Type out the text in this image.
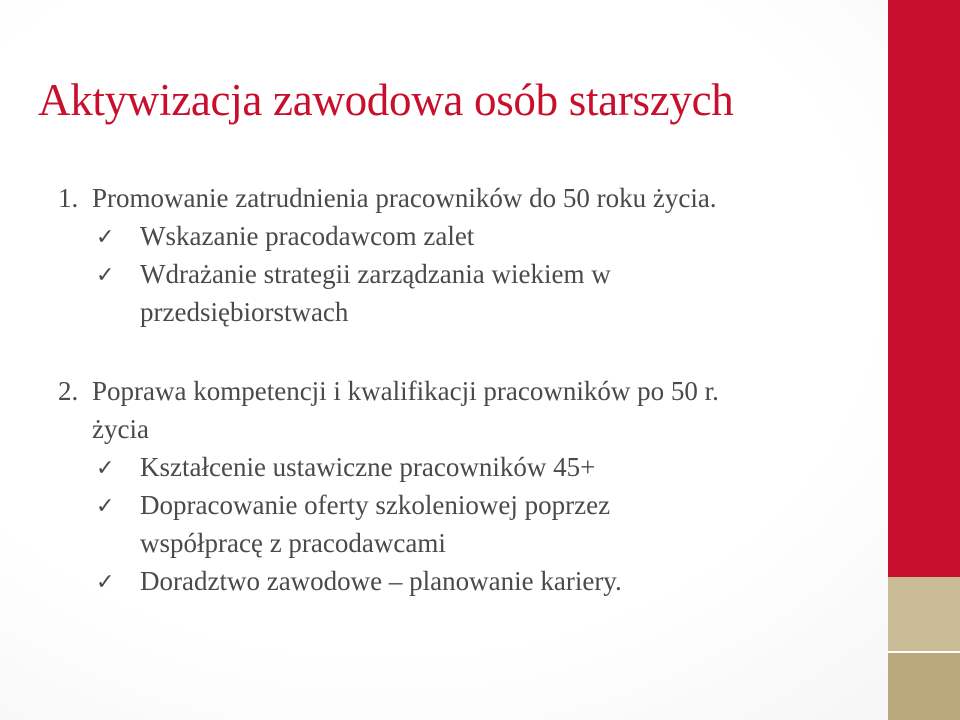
Aktywizacja zawodowa osób starszych
1. Promowanie zatrudnienia pracowników do 50 roku życia.
✓ Wskazanie pracodawcom zalet
✓ Wdrażanie strategii zarządzania wiekiem w
przedsiębiorstwach
2. Poprawa kompetencji i kwalifikacji pracowników po 50 r.
życia
✓ Kształcenie ustawiczne pracowników 45+
✓ Dopracowanie oferty szkoleniowej poprzez
współpracę z pracodawcami
✓ Doradztwo zawodowe – planowanie kariery.
